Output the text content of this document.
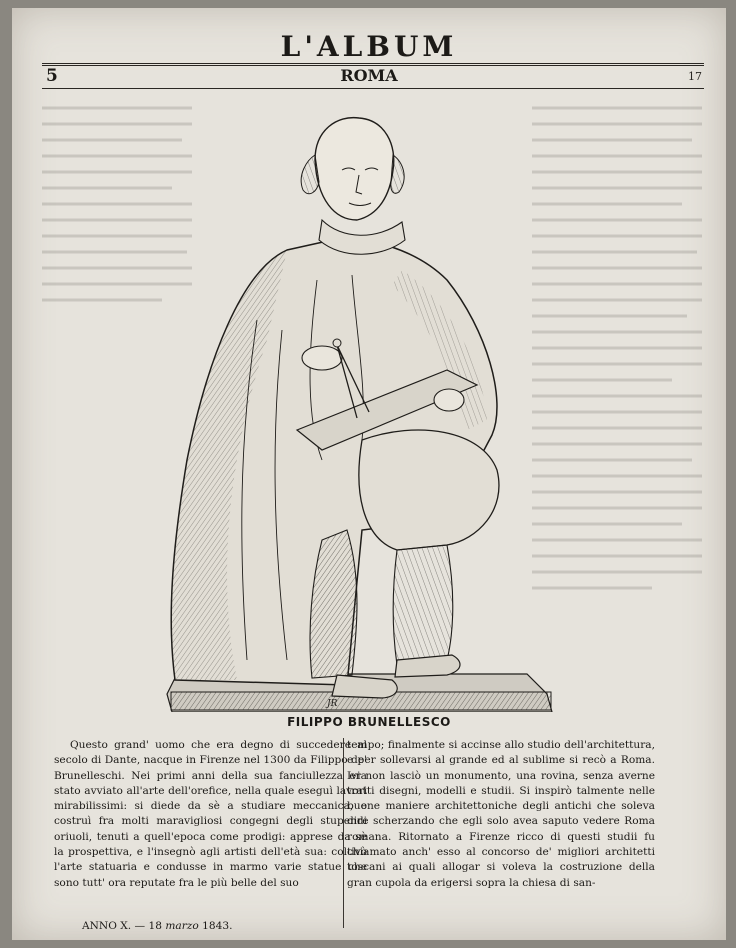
L'ALBUM
5	ROMA	17
JR
FILIPPO BRUNELLESCO

Questo grand' uomo che era degno di succedere al secolo di Dante, nacque in Firenze nel 1300 da Filippo de' Brunelleschi. Nei primi anni della sua fanciullezza era stato avviato all'arte dell'orefice, nella quale eseguì lavori mirabilissimi: si diede da sè a studiare meccanica, e costruì fra molti maravigliosi congegni degli stupendi oriuoli, tenuti a quell'epoca come prodigi: apprese da sè la prospettiva, e l'insegnò agli artisti dell'età sua: coltivò l'arte statuaria e condusse in marmo varie statue che sono tutt' ora reputate fra le più belle del suo

tempo; finalmente si accinse allo studio dell'architettura, e per sollevarsi al grande ed al sublime si recò a Roma. Ivi non lasciò un monumento, una rovina, senza averne tratti disegni, modelli e studii. Si inspirò talmente nelle buone maniere architettoniche degli antichi che soleva dire scherzando che egli solo avea saputo vedere Roma romana. Ritornato a Firenze ricco di questi studii fu chiamato anch' esso al concorso de' migliori architetti toscani ai quali allogar si voleva la costruzione della gran cupola da erigersi sopra la chiesa di san-

ANNO X. — 18 marzo 1843.
